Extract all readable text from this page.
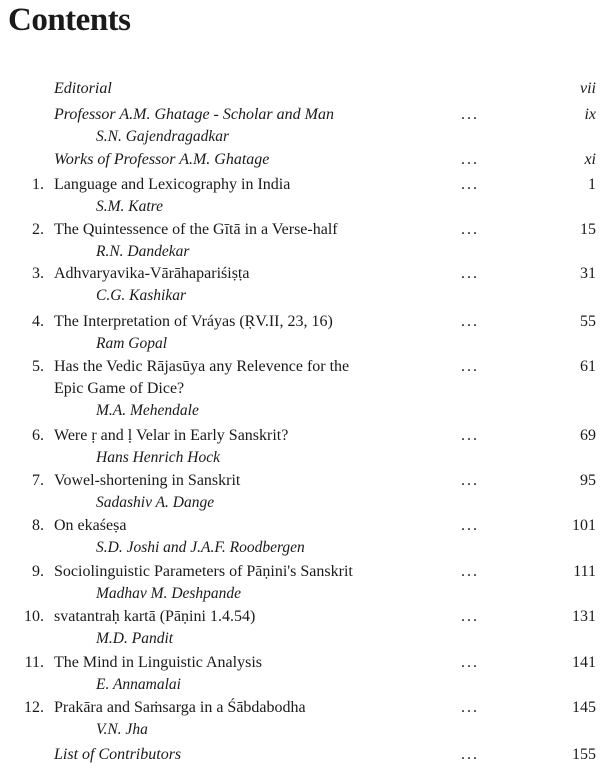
Contents
Editorial	vii
Professor A.M. Ghatage - Scholar and Man	...	ix
S.N. Gajendragadkar
Works of Professor A.M. Ghatage	...	xi
1. Language and Lexicography in India	...	1
S.M. Katre
2. The Quintessence of the Gītā in a Verse-half	...	15
R.N. Dandekar
3. Adhvaryavika-Vārāhapariśiṣṭa	...	31
C.G. Kashikar
4. The Interpretation of Vráyas (ṚV.II, 23, 16)	...	55
Ram Gopal
5. Has the Vedic Rājasūya any Relevence for the	...	61
Epic Game of Dice?
M.A. Mehendale
6. Were ṛ and ḷ Velar in Early Sanskrit?	...	69
Hans Henrich Hock
7. Vowel-shortening in Sanskrit	...	95
Sadashiv A. Dange
8. On ekaśeṣa	...	101
S.D. Joshi and J.A.F. Roodbergen
9. Sociolinguistic Parameters of Pāṇini's Sanskrit	...	111
Madhav M. Deshpande
10. svatantraḥ kartā (Pāṇini 1.4.54)	...	131
M.D. Pandit
11. The Mind in Linguistic Analysis	...	141
E. Annamalai
12. Prakāra and Saṁsarga in a Śābdabodha	...	145
V.N. Jha
List of Contributors	...	155
